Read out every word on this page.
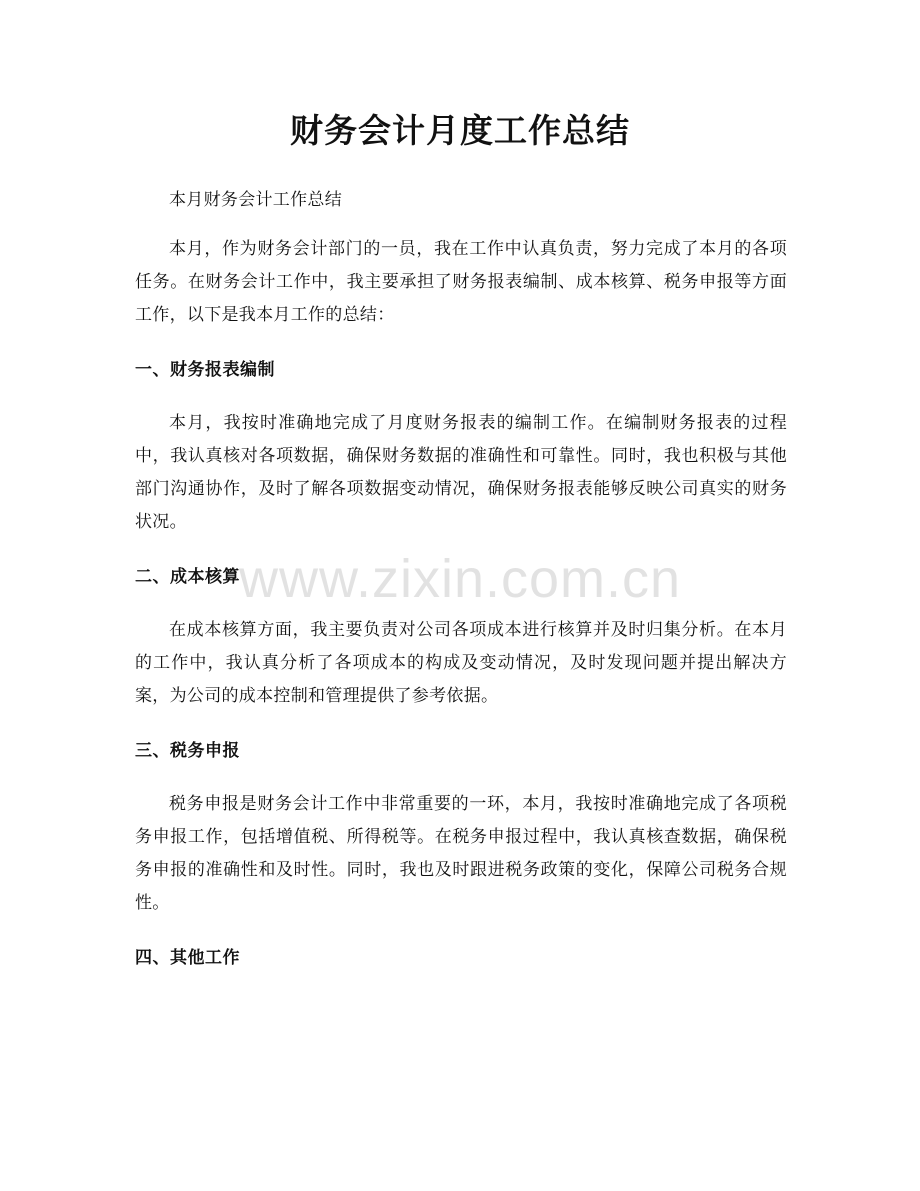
财务会计月度工作总结

本月财务会计工作总结

本月，作为财务会计部门的一员，我在工作中认真负责，努力完成了本月的各项任务。在财务会计工作中，我主要承担了财务报表编制、成本核算、税务申报等方面工作，以下是我本月工作的总结：

一、财务报表编制

本月，我按时准确地完成了月度财务报表的编制工作。在编制财务报表的过程中，我认真核对各项数据，确保财务数据的准确性和可靠性。同时，我也积极与其他部门沟通协作，及时了解各项数据变动情况，确保财务报表能够反映公司真实的财务状况。

二、成本核算

在成本核算方面，我主要负责对公司各项成本进行核算并及时归集分析。在本月的工作中，我认真分析了各项成本的构成及变动情况，及时发现问题并提出解决方案，为公司的成本控制和管理提供了参考依据。

三、税务申报

税务申报是财务会计工作中非常重要的一环，本月，我按时准确地完成了各项税务申报工作，包括增值税、所得税等。在税务申报过程中，我认真核查数据，确保税务申报的准确性和及时性。同时，我也及时跟进税务政策的变化，保障公司税务合规性。

四、其他工作
www.zixin.com.cn
